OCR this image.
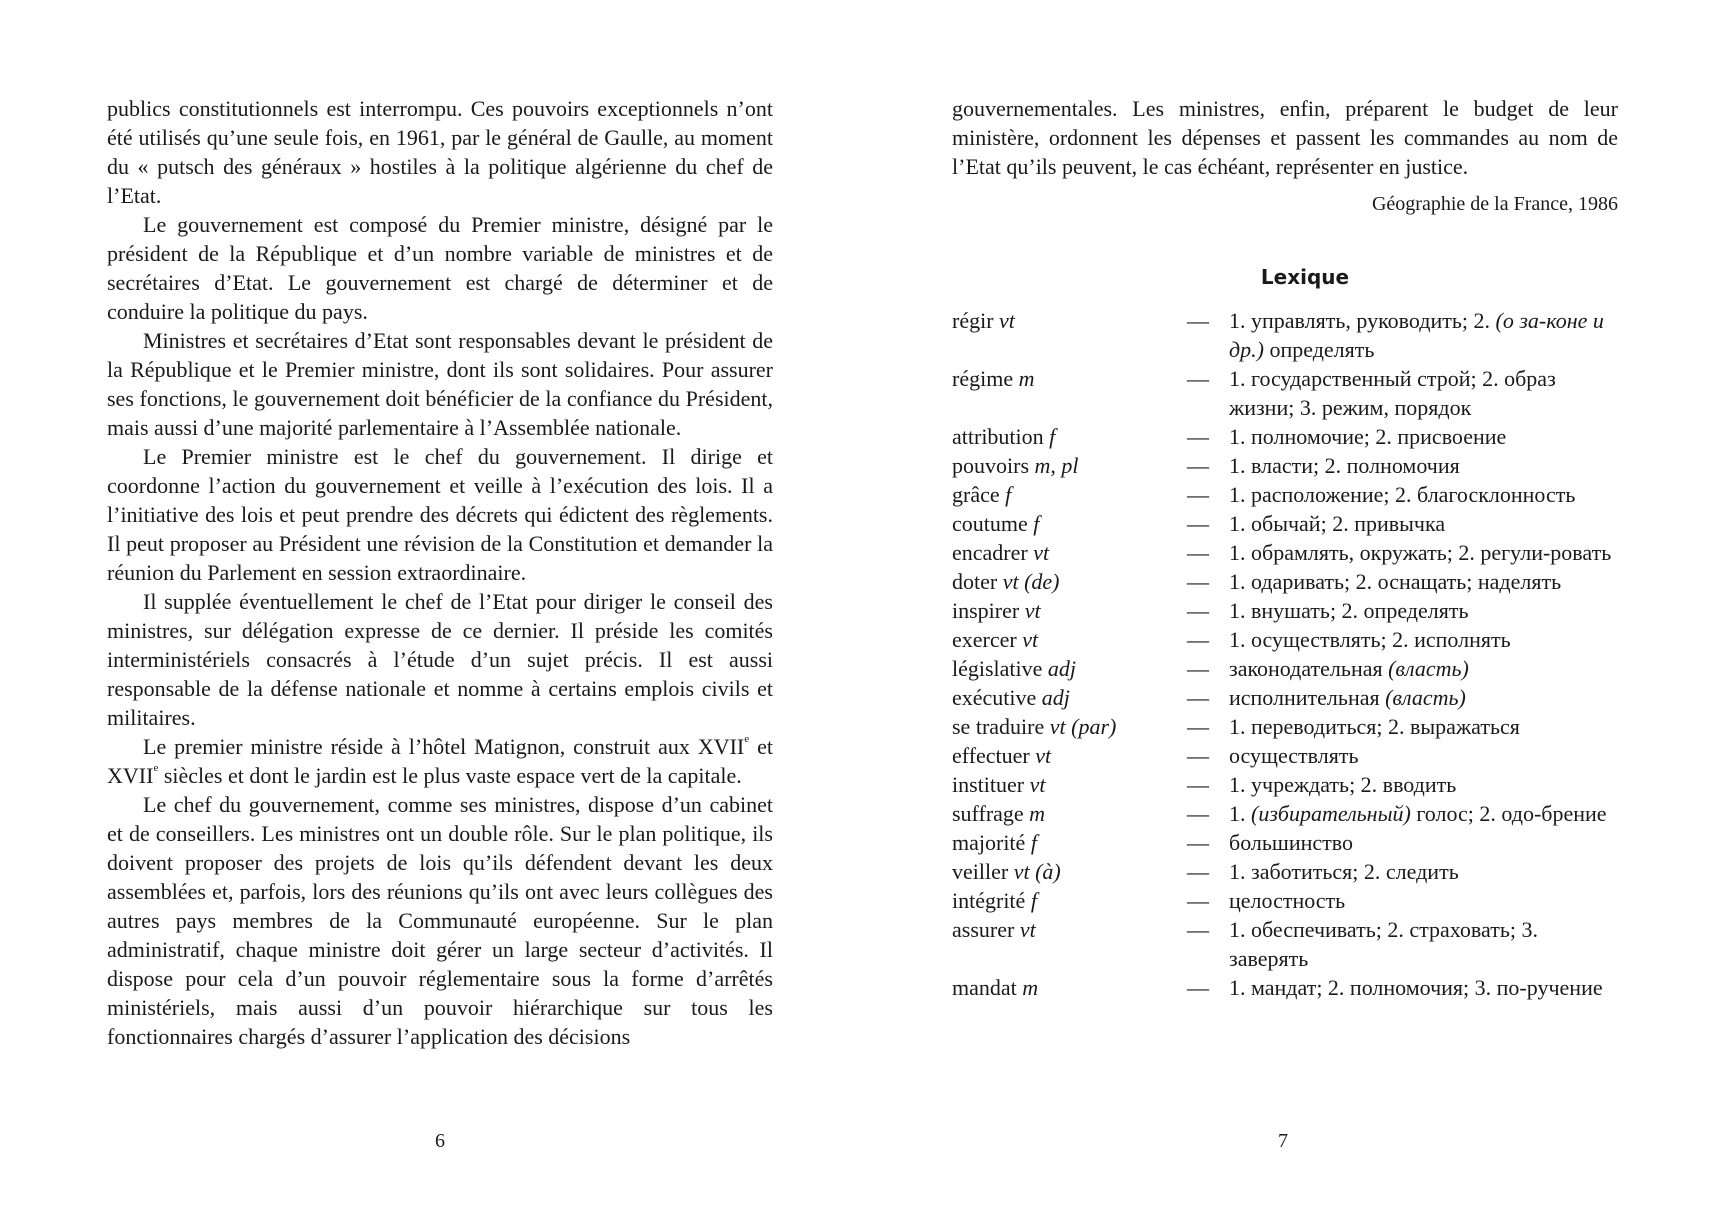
publics constitutionnels est interrompu. Ces pouvoirs exceptionnels n’ont été utilisés qu’une seule fois, en 1961, par le général de Gaulle, au moment du « putsch des généraux » hostiles à la politique algérienne du chef de l’Etat.

Le gouvernement est composé du Premier ministre, désigné par le président de la République et d’un nombre variable de ministres et de secrétaires d’Etat. Le gouvernement est chargé de déterminer et de conduire la politique du pays.

Ministres et secrétaires d’Etat sont responsables devant le président de la République et le Premier ministre, dont ils sont solidaires. Pour assurer ses fonctions, le gouvernement doit bénéficier de la confiance du Président, mais aussi d’une majorité parlementaire à l’Assemblée nationale.

Le Premier ministre est le chef du gouvernement. Il dirige et coordonne l’action du gouvernement et veille à l’exécution des lois. Il a l’initiative des lois et peut prendre des décrets qui édictent des règlements. Il peut proposer au Président une révision de la Constitution et demander la réunion du Parlement en session extraordinaire.

Il supplée éventuellement le chef de l’Etat pour diriger le conseil des ministres, sur délégation expresse de ce dernier. Il préside les comités interministériels consacrés à l’étude d’un sujet précis. Il est aussi responsable de la défense nationale et nomme à certains emplois civils et militaires.

Le premier ministre réside à l’hôtel Matignon, construit aux XVIIe et XVIIe siècles et dont le jardin est le plus vaste espace vert de la capitale.

Le chef du gouvernement, comme ses ministres, dispose d’un cabinet et de conseillers. Les ministres ont un double rôle. Sur le plan politique, ils doivent proposer des projets de lois qu’ils défendent devant les deux assemblées et, parfois, lors des réunions qu’ils ont avec leurs collègues des autres pays membres de la Communauté européenne. Sur le plan administratif, chaque ministre doit gérer un large secteur d’activités. Il dispose pour cela d’un pouvoir réglementaire sous la forme d’arrêtés ministériels, mais aussi d’un pouvoir hiérarchique sur tous les fonctionnaires chargés d’assurer l’application des décisions

6

gouvernementales. Les ministres, enfin, préparent le budget de leur ministère, ordonnent les dépenses et passent les commandes au nom de l’Etat qu’ils peuvent, le cas échéant, représenter en justice.

Géographie de la France, 1986

Lexique
régir vt	— 1. управлять, руководить; 2. (о за-коне и др.) определять
régime m	— 1. государственный строй; 2. образ жизни; 3. режим, порядок
attribution f	— 1. полномочие; 2. присвоение
pouvoirs m, pl	— 1. власти; 2. полномочия
grâce f	— 1. расположение; 2. благосклонность
coutume f	— 1. обычай; 2. привычка
encadrer vt	— 1. обрамлять, окружать; 2. регули-ровать
doter vt (de)	— 1. одаривать; 2. оснащать; наделять
inspirer vt	— 1. внушать; 2. определять
exercer vt	— 1. осуществлять; 2. исполнять
législative adj	— законодательная (власть)
exécutive adj	— исполнительная (власть)
se traduire vt (par)	— 1. переводиться; 2. выражаться
effectuer vt	— осуществлять
instituer vt	— 1. учреждать; 2. вводить
suffrage m	— 1. (избирательный) голос; 2. одо-брение
majorité f	— большинство
veiller vt (à)	— 1. заботиться; 2. следить
intégrité f	— целостность
assurer vt	— 1. обеспечивать; 2. страховать; 3. заверять
mandat m	— 1. мандат; 2. полномочия; 3. по-ручение
7
